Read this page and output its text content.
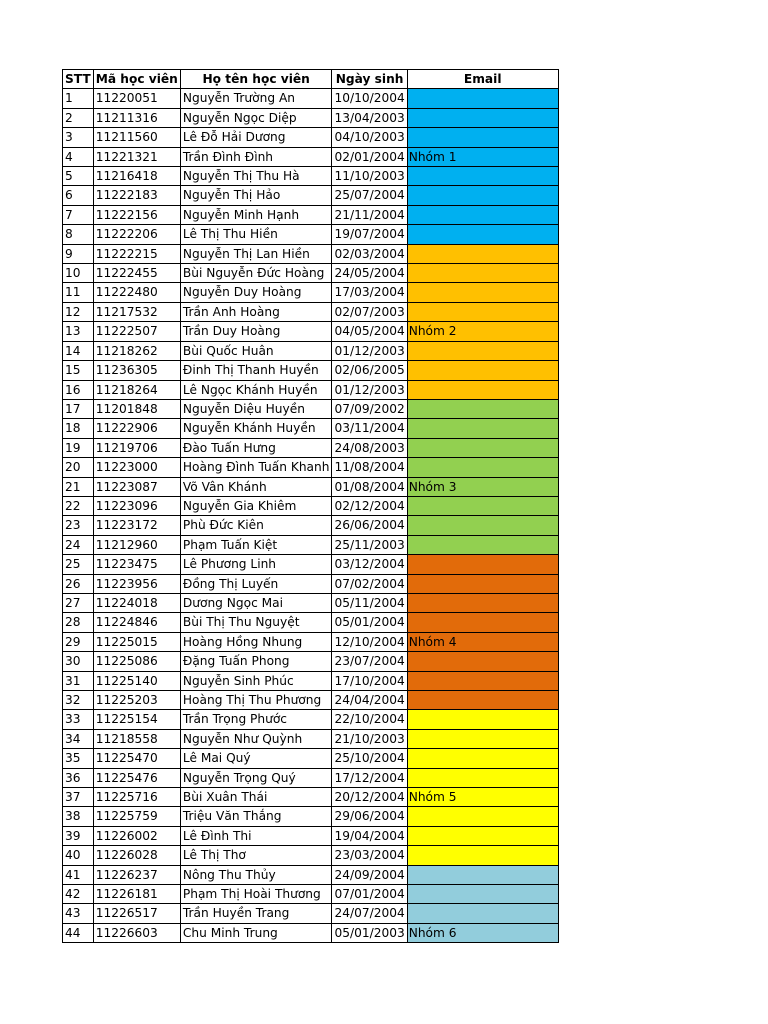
STT	Mã học viên	Họ tên học viên	Ngày sinh	Email
1	11220051	Nguyễn Trường An	10/10/2004	
2	11211316	Nguyễn Ngọc Diệp	13/04/2003	
3	11211560	Lê Đỗ Hải Dương	04/10/2003	
4	11221321	Trần Đình Đình	02/01/2004	Nhóm 1
5	11216418	Nguyễn Thị Thu Hà	11/10/2003	
6	11222183	Nguyễn Thị Hảo	25/07/2004	
7	11222156	Nguyễn Minh Hạnh	21/11/2004	
8	11222206	Lê Thị Thu Hiền	19/07/2004	
9	11222215	Nguyễn Thị Lan Hiền	02/03/2004	
10	11222455	Bùi Nguyễn Đức Hoàng	24/05/2004	
11	11222480	Nguyễn Duy Hoàng	17/03/2004	
12	11217532	Trần Anh Hoàng	02/07/2003	
13	11222507	Trần Duy Hoàng	04/05/2004	Nhóm 2
14	11218262	Bùi Quốc Huân	01/12/2003	
15	11236305	Đinh Thị Thanh Huyền	02/06/2005	
16	11218264	Lê Ngọc Khánh Huyền	01/12/2003	
17	11201848	Nguyễn Diệu Huyền	07/09/2002	
18	11222906	Nguyễn Khánh Huyền	03/11/2004	
19	11219706	Đào Tuấn Hưng	24/08/2003	
20	11223000	Hoàng Đình Tuấn Khanh	11/08/2004	
21	11223087	Võ Vân Khánh	01/08/2004	Nhóm 3
22	11223096	Nguyễn Gia Khiêm	02/12/2004	
23	11223172	Phù Đức Kiên	26/06/2004	
24	11212960	Phạm Tuấn Kiệt	25/11/2003	
25	11223475	Lê Phương Linh	03/12/2004	
26	11223956	Đồng Thị Luyến	07/02/2004	
27	11224018	Dương Ngọc Mai	05/11/2004	
28	11224846	Bùi Thị Thu Nguyệt	05/01/2004	
29	11225015	Hoàng Hồng Nhung	12/10/2004	Nhóm 4
30	11225086	Đặng Tuấn Phong	23/07/2004	
31	11225140	Nguyễn Sinh Phúc	17/10/2004	
32	11225203	Hoàng Thị Thu Phương	24/04/2004	
33	11225154	Trần Trọng Phước	22/10/2004	
34	11218558	Nguyễn Như Quỳnh	21/10/2003	
35	11225470	Lê Mai Quý	25/10/2004	
36	11225476	Nguyễn Trọng Quý	17/12/2004	
37	11225716	Bùi Xuân Thái	20/12/2004	Nhóm 5
38	11225759	Triệu Văn Thắng	29/06/2004	
39	11226002	Lê Đình Thi	19/04/2004	
40	11226028	Lê Thị Thơ	23/03/2004	
41	11226237	Nông Thu Thủy	24/09/2004	
42	11226181	Phạm Thị Hoài Thương	07/01/2004	
43	11226517	Trần Huyền Trang	24/07/2004	
44	11226603	Chu Minh Trung	05/01/2003	Nhóm 6
